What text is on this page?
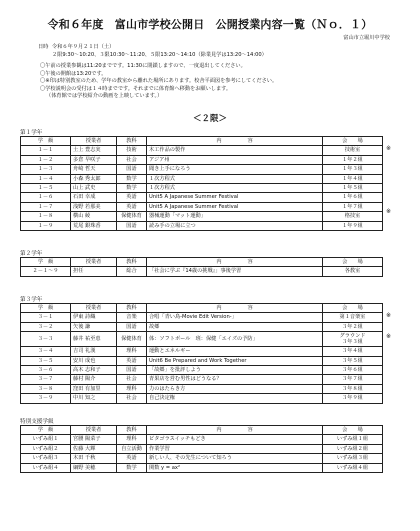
令和６年度　富山市学校公開日　公開授業内容一覧（Ｎｏ．１）
富山市立堀川中学校
日時 令和６年９月２１日（土）
２限9:30〜10:20、３限10:30〜11:20、５限13:20〜14:10（除業見学は13:20〜14:00）
〇午前の授業参観は11:20までです。11:30に閉鎖しますので、一度退出してください。
〇午後の開館は13:20です。
〇※印は特別教室のため、学年の教室から離れた場所にあります。校舎平面図を参考にしてください。
〇学校説明会の受付は１４時までです。それまでに体育館へ移動をお願いします。
（体育館では学校紹介の動画を上映しています。）
＜２限＞
第１学年
※
※
学　級	授業者	教科	内　　　　　容	会　　場
１－１	土上 豊志実	技術	木工作品の製作	技術室
１－２	多倉 早咲子	社会	アジア州	１年２組
１－３	舟崎 哲天	国語	聞き上手になろう	１年３組
１－４	小森 秀太郎	数学	１次方程式	１年４組
１－５	山上 武史	数学	１次方程式	１年５組
１－６	石田 幸成	英語	Unit5 A Japanese Summer Festival	１年６組
１－７	浅野 若那美	英語	Unit5 A Japanese Summer Festival	１年７組
１－８	横山 綾	保健体育	器械運動「マット運動」	格技室
１－９	荒尾 銀珠香	国語	読み手の立場に立つ	１年９組
第２学年
学　級	授業者	教科	内　　　　　容	会　　場
２－１〜９	担任	総合	「社会に学ぶ『14歳の挑戦』」事後学習	各教室
第３学年
※
※
学　級	授業者	教科	内　　　　　容	会　　場
３－１	伊東 詩織	音楽	合唱「青い鳥-Movie Edit Version-」	第１音楽室
３－２	矢後 謙	国語	故郷	３年２組
３－３	藤井 祐至恵	保健体育	体：ソフトボール　班：保健「エイズの予防」	グラウンド
３年３組
３－４	吉司 礼漢	理科	運動とエネルギー	３年４組
３－５	安川 成也	英語	Unit6 Be Prepared and Work Together	３年５組
３－６	高木 志和子	国語	「故郷」を批評しよう	３年６組
３－７	藤村 陽介	社会	青果店を営む男性はどうなる？	３年７組
３－８	窪田 有加里	理科	力のはたらき方	３年８組
３－９	中川 知之	社会	自己決定権	３年９組
特別支援学級
学　級	授業者	教科	内　　　　　容	会　　場
いずみ組１	宮腰 陽菜子	理科	ピタゴラスイッチもどき	いずみ組１組
いずみ組２	佐藤 大輝	自立活動	作業学習	いずみ組２組
いずみ組３	木田 千秋	英語	新しい人、その先生について知ろう	いずみ組３組
いずみ組４	綱野 美穂	数学	関数 y = ax²	いずみ組４組
